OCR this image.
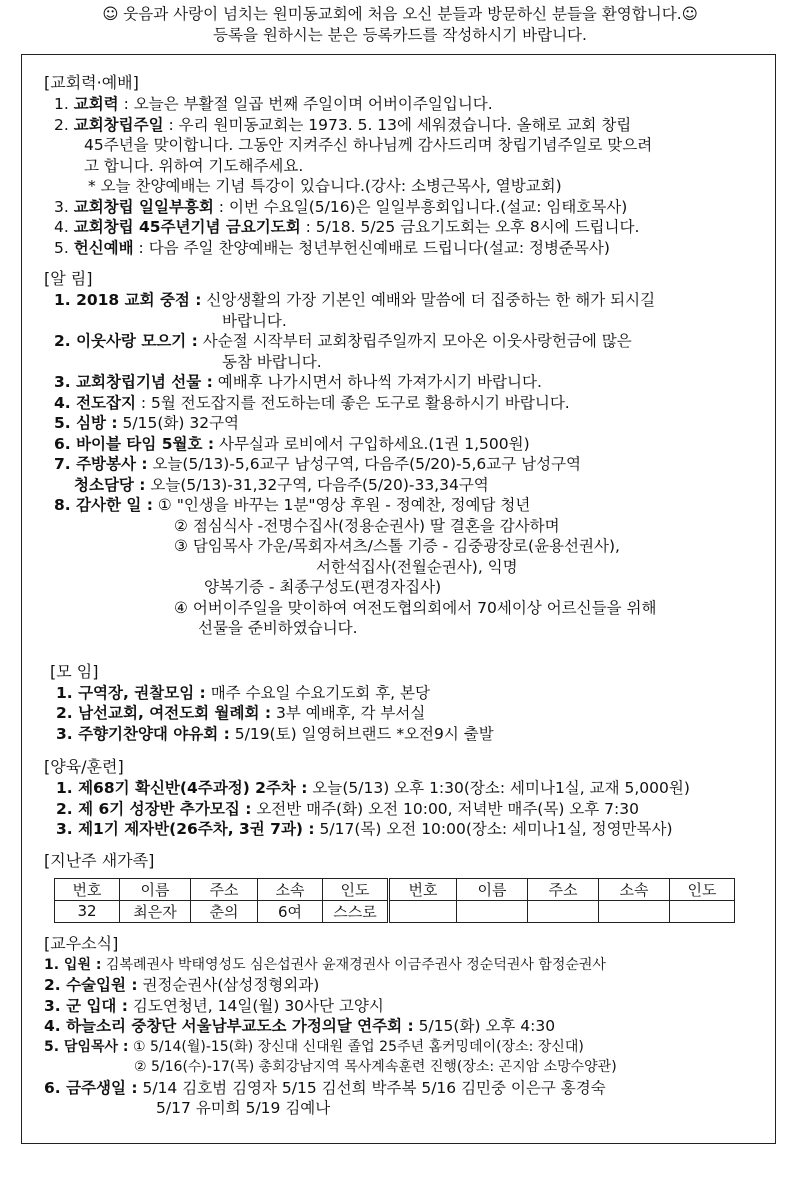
☺ 웃음과 사랑이 넘치는 원미동교회에 처음 오신 분들과 방문하신 분들을 환영합니다.☺
등록을 원하시는 분은 등록카드를 작성하시기 바랍니다.
[교회력·예배]
1. 교회력 : 오늘은 부활절 일곱 번째 주일이며 어버이주일입니다.
2. 교회창립주일 : 우리 원미동교회는 1973. 5. 13에 세워졌습니다. 올해로 교회 창립
45주년을 맞이합니다. 그동안 지켜주신 하나님께 감사드리며 창립기념주일로 맞으려
고 합니다. 위하여 기도해주세요.
* 오늘 찬양예배는 기념 특강이 있습니다.(강사: 소병근목사, 열방교회)
3. 교회창립 일일부흥회 : 이번 수요일(5/16)은 일일부흥회입니다.(설교: 임태호목사)
4. 교회창립 45주년기념 금요기도회 : 5/18. 5/25 금요기도회는 오후 8시에 드립니다.
5. 헌신예배 : 다음 주일 찬양예배는 청년부헌신예배로 드립니다(설교: 정병준목사)
[알 림]
1. 2018 교회 중점 : 신앙생활의 가장 기본인 예배와 말씀에 더 집중하는 한 해가 되시길
바랍니다.
2. 이웃사랑 모으기 : 사순절 시작부터 교회창립주일까지 모아온 이웃사랑헌금에 많은
동참 바랍니다.
3. 교회창립기념 선물 : 예배후 나가시면서 하나씩 가져가시기 바랍니다.
4. 전도잡지 : 5월 전도잡지를 전도하는데 좋은 도구로 활용하시기 바랍니다.
5. 심방 : 5/15(화) 32구역
6. 바이블 타임 5월호 : 사무실과 로비에서 구입하세요.(1권 1,500원)
7. 주방봉사 : 오늘(5/13)-5,6교구 남성구역, 다음주(5/20)-5,6교구 남성구역
청소담당 : 오늘(5/13)-31,32구역, 다음주(5/20)-33,34구역
8. 감사한 일 : ① "인생을 바꾸는 1분"영상 후원 - 정예찬, 정예담 청년
② 점심식사 -전명수집사(정용순권사) 딸 결혼을 감사하며
③ 담임목사 가운/목회자셔츠/스톨 기증 - 김중광장로(윤용선권사),
서한석집사(전월순권사), 익명
양복기증 - 최종구성도(편경자집사)
④ 어버이주일을 맞이하여 여전도협의회에서 70세이상 어르신들을 위해
선물을 준비하였습니다.
[모 임]
1. 구역장, 권찰모임 : 매주 수요일 수요기도회 후, 본당
2. 남선교회, 여전도회 월례회 : 3부 예배후, 각 부서실
3. 주향기찬양대 야유회 : 5/19(토) 일영허브랜드 *오전9시 출발
[양육/훈련]
1. 제68기 확신반(4주과정) 2주차 : 오늘(5/13) 오후 1:30(장소: 세미나1실, 교재 5,000원)
2. 제 6기 성장반 추가모집 : 오전반 매주(화) 오전 10:00, 저녁반 매주(목) 오후 7:30
3. 제1기 제자반(26주차, 3권 7과) : 5/17(목) 오전 10:00(장소: 세미나1실, 정영만목사)
[지난주 새가족]
번호	이름	주소	소속	인도	번호	이름	주소	소속	인도
32	최은자	춘의	6여	스스로					
[교우소식]
1. 입원 : 김복례권사 박태영성도 심은섭권사 윤재경권사 이금주권사 정순덕권사 함정순권사
2. 수술입원 : 권정순권사(삼성정형외과)
3. 군 입대 : 김도연청년, 14일(월) 30사단 고양시
4. 하늘소리 중창단 서울남부교도소 가정의달 연주회 : 5/15(화) 오후 4:30
5. 담임목사 : ① 5/14(월)-15(화) 장신대 신대원 졸업 25주년 홈커밍데이(장소: 장신대)
② 5/16(수)-17(목) 총회강남지역 목사계속훈련 진행(장소: 곤지암 소망수양관)
6. 금주생일 : 5/14 김호범 김영자 5/15 김선희 박주복 5/16 김민중 이은구 홍경숙
5/17 유미희 5/19 김예나
